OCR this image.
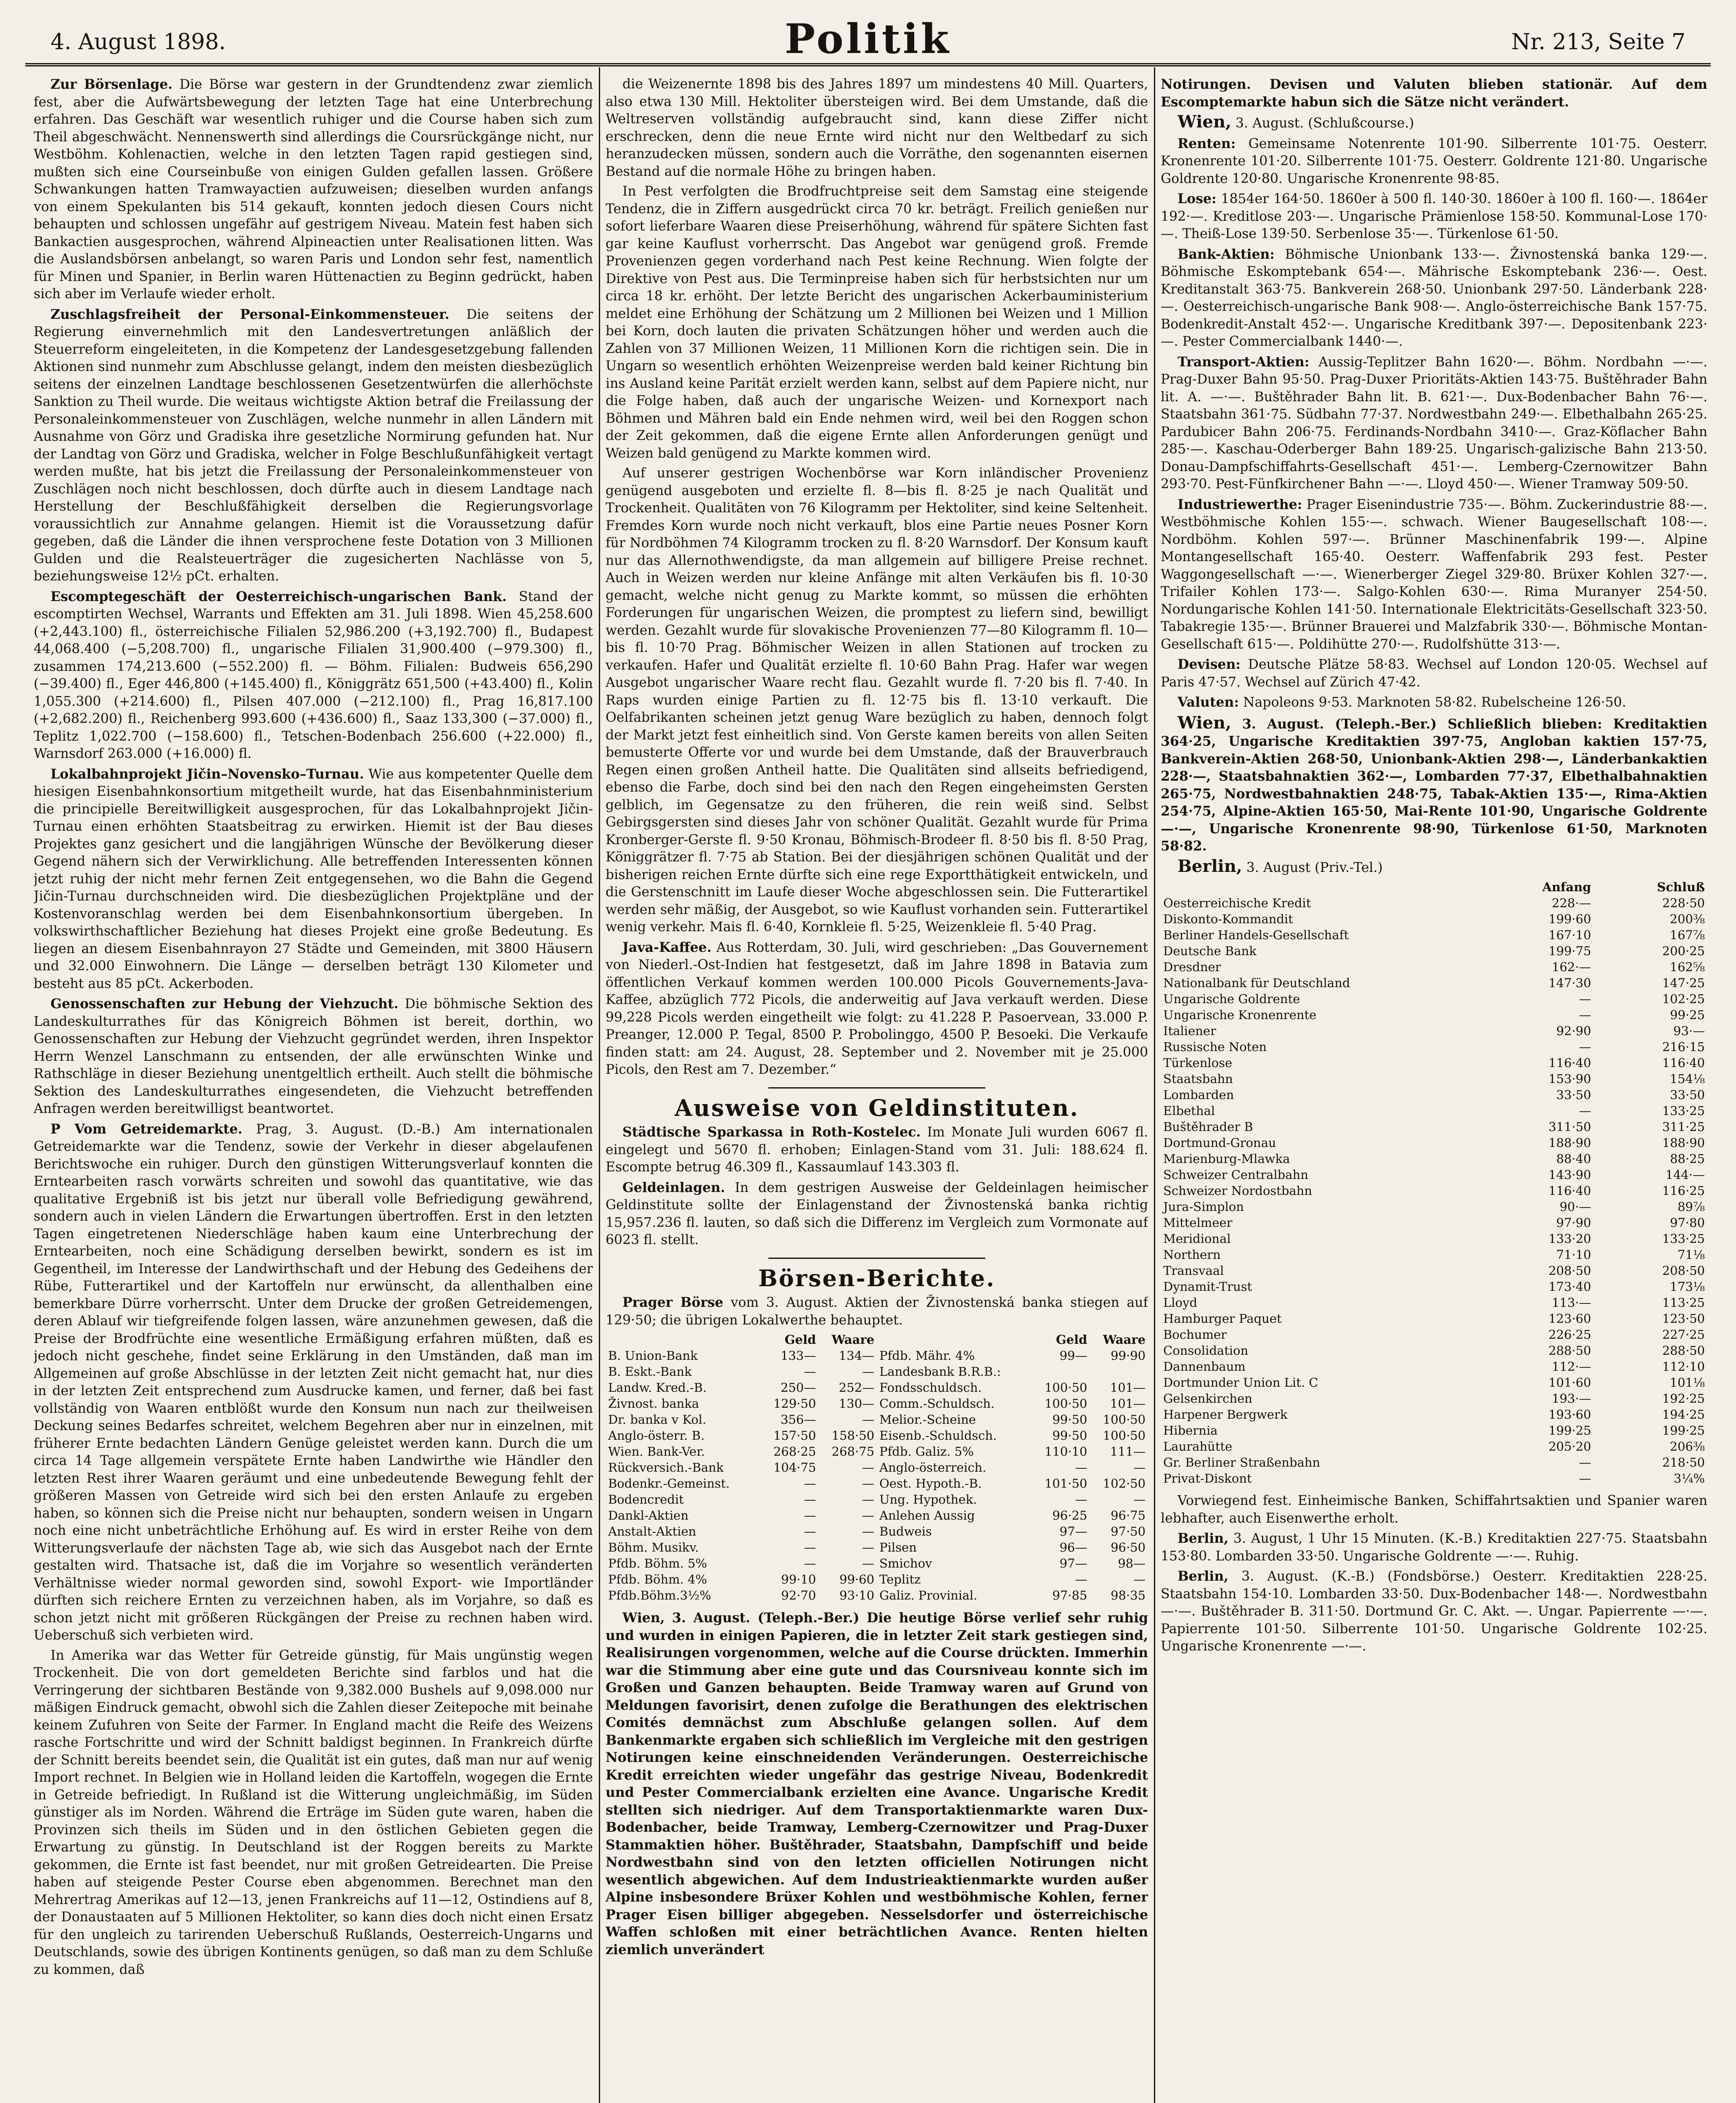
4. August 1898.	Politik	Nr. 213, Seite 7

Zur Börsenlage. Die Börse war gestern in der Grundtendenz zwar ziemlich fest, aber die Aufwärtsbewegung der letzten Tage hat eine Unterbrechung erfahren. Das Geschäft war wesentlich ruhiger und die Course haben sich zum Theil abgeschwächt. Nennenswerth sind allerdings die Coursrückgänge nicht, nur Westböhm. Kohlenactien, welche in den letzten Tagen rapid gestiegen sind, mußten sich eine Courseinbuße von einigen Gulden gefallen lassen. Größere Schwankungen hatten Tramwayactien aufzuweisen; dieselben wurden anfangs von einem Spekulanten bis 514 gekauft, konnten jedoch diesen Cours nicht behaupten und schlossen ungefähr auf gestrigem Niveau. Matein fest haben sich Bankactien ausgesprochen, während Alpineactien unter Realisationen litten. Was die Auslandsbörsen anbelangt, so waren Paris und London sehr fest, namentlich für Minen und Spanier, in Berlin waren Hüttenactien zu Beginn gedrückt, haben sich aber im Verlaufe wieder erholt.

Zuschlagsfreiheit der Personal-Einkommensteuer. Die seitens der Regierung einvernehmlich mit den Landesvertretungen anläßlich der Steuerreform eingeleiteten, in die Kompetenz der Landesgesetzgebung fallenden Aktionen sind nunmehr zum Abschlusse gelangt, indem den meisten diesbezüglich seitens der einzelnen Landtage beschlossenen Gesetzentwürfen die allerhöchste Sanktion zu Theil wurde. Die weitaus wichtigste Aktion betraf die Freilassung der Personaleinkommensteuer von Zuschlägen, welche nunmehr in allen Ländern mit Ausnahme von Görz und Gradiska ihre gesetzliche Normirung gefunden hat. Nur der Landtag von Görz und Gradiska, welcher in Folge Beschlußunfähigkeit vertagt werden mußte, hat bis jetzt die Freilassung der Personaleinkommensteuer von Zuschlägen noch nicht beschlossen, doch dürfte auch in diesem Landtage nach Herstellung der Beschlußfähigkeit derselben die Regierungsvorlage voraussichtlich zur Annahme gelangen. Hiemit ist die Voraussetzung dafür gegeben, daß die Länder die ihnen versprochene feste Dotation von 3 Millionen Gulden und die Realsteuerträger die zugesicherten Nachlässe von 5, beziehungsweise 12½ pCt. erhalten.

Escomptegeschäft der Oesterreichisch-ungarischen Bank. Stand der escomptirten Wechsel, Warrants und Effekten am 31. Juli 1898. Wien 45,258.600 (+2,443.100) fl., österreichische Filialen 52,986.200 (+3,192.700) fl., Budapest 44,068.400 (−5,208.700) fl., ungarische Filialen 31,900.400 (−979.300) fl., zusammen 174,213.600 (−552.200) fl. — Böhm. Filialen: Budweis 656,290 (−39.400) fl., Eger 446,800 (+145.400) fl., Königgrätz 651,500 (+43.400) fl., Kolin 1,055.300 (+214.600) fl., Pilsen 407.000 (−212.100) fl., Prag 16,817.100 (+2,682.200) fl., Reichenberg 993.600 (+436.600) fl., Saaz 133,300 (−37.000) fl., Teplitz 1,022.700 (−158.600) fl., Tetschen-Bodenbach 256.600 (+22.000) fl., Warnsdorf 263.000 (+16.000) fl.

Lokalbahnprojekt Jičin–Novensko–Turnau. Wie aus kompetenter Quelle dem hiesigen Eisenbahnkonsortium mitgetheilt wurde, hat das Eisenbahnministerium die principielle Bereitwilligkeit ausgesprochen, für das Lokalbahnprojekt Jičin-Turnau einen erhöhten Staatsbeitrag zu erwirken. Hiemit ist der Bau dieses Projektes ganz gesichert und die langjährigen Wünsche der Bevölkerung dieser Gegend nähern sich der Verwirklichung. Alle betreffenden Interessenten können jetzt ruhig der nicht mehr fernen Zeit entgegensehen, wo die Bahn die Gegend Jičin-Turnau durchschneiden wird. Die diesbezüglichen Projektpläne und der Kostenvoranschlag werden bei dem Eisenbahnkonsortium übergeben. In volkswirthschaftlicher Beziehung hat dieses Projekt eine große Bedeutung. Es liegen an diesem Eisenbahnrayon 27 Städte und Gemeinden, mit 3800 Häusern und 32.000 Einwohnern. Die Länge — derselben beträgt 130 Kilometer und besteht aus 85 pCt. Ackerboden.

Genossenschaften zur Hebung der Viehzucht. Die böhmische Sektion des Landeskulturrathes für das Königreich Böhmen ist bereit, dorthin, wo Genossenschaften zur Hebung der Viehzucht gegründet werden, ihren Inspektor Herrn Wenzel Lanschmann zu entsenden, der alle erwünschten Winke und Rathschläge in dieser Beziehung unentgeltlich ertheilt. Auch stellt die böhmische Sektion des Landeskulturrathes eingesendeten, die Viehzucht betreffenden Anfragen werden bereitwilligst beantwortet.

P Vom Getreidemarkte. Prag, 3. August. (D.-B.) Am internationalen Getreidemarkte war die Tendenz, sowie der Verkehr in dieser abgelaufenen Berichtswoche ein ruhiger. Durch den günstigen Witterungsverlauf konnten die Erntearbeiten rasch vorwärts schreiten und sowohl das quantitative, wie das qualitative Ergebniß ist bis jetzt nur überall volle Befriedigung gewährend, sondern auch in vielen Ländern die Erwartungen übertroffen. Erst in den letzten Tagen eingetretenen Niederschläge haben kaum eine Unterbrechung der Erntearbeiten, noch eine Schädigung derselben bewirkt, sondern es ist im Gegentheil, im Interesse der Landwirthschaft und der Hebung des Gedeihens der Rübe, Futterartikel und der Kartoffeln nur erwünscht, da allenthalben eine bemerkbare Dürre vorherrscht. Unter dem Drucke der großen Getreidemengen, deren Ablauf wir tiefgreifende folgen lassen, wäre anzunehmen gewesen, daß die Preise der Brodfrüchte eine wesentliche Ermäßigung erfahren müßten, daß es jedoch nicht geschehe, findet seine Erklärung in den Umständen, daß man im Allgemeinen auf große Abschlüsse in der letzten Zeit nicht gemacht hat, nur dies in der letzten Zeit entsprechend zum Ausdrucke kamen, und ferner, daß bei fast vollständig von Waaren entblößt wurde den Konsum nun nach zur theilweisen Deckung seines Bedarfes schreitet, welchem Begehren aber nur in einzelnen, mit früherer Ernte bedachten Ländern Genüge geleistet werden kann. Durch die um circa 14 Tage allgemein verspätete Ernte haben Landwirthe wie Händler den letzten Rest ihrer Waaren geräumt und eine unbedeutende Bewegung fehlt der größeren Massen von Getreide wird sich bei den ersten Anlaufe zu ergeben haben, so können sich die Preise nicht nur behaupten, sondern weisen in Ungarn noch eine nicht unbeträchtliche Erhöhung auf. Es wird in erster Reihe von dem Witterungsverlaufe der nächsten Tage ab, wie sich das Ausgebot nach der Ernte gestalten wird. Thatsache ist, daß die im Vorjahre so wesentlich veränderten Verhältnisse wieder normal geworden sind, sowohl Export- wie Importländer dürften sich reichere Ernten zu verzeichnen haben, als im Vorjahre, so daß es schon jetzt nicht mit größeren Rückgängen der Preise zu rechnen haben wird. Ueberschuß sich verbieten wird.

In Amerika war das Wetter für Getreide günstig, für Mais ungünstig wegen Trockenheit. Die von dort gemeldeten Berichte sind farblos und hat die Verringerung der sichtbaren Bestände von 9,382.000 Bushels auf 9,098.000 nur mäßigen Eindruck gemacht, obwohl sich die Zahlen dieser Zeitepoche mit beinahe keinem Zufuhren von Seite der Farmer. In England macht die Reife des Weizens rasche Fortschritte und wird der Schnitt baldigst beginnen. In Frankreich dürfte der Schnitt bereits beendet sein, die Qualität ist ein gutes, daß man nur auf wenig Import rechnet. In Belgien wie in Holland leiden die Kartoffeln, wogegen die Ernte in Getreide befriedigt. In Rußland ist die Witterung ungleichmäßig, im Süden günstiger als im Norden. Während die Erträge im Süden gute waren, haben die Provinzen sich theils im Süden und in den östlichen Gebieten gegen die Erwartung zu günstig. In Deutschland ist der Roggen bereits zu Markte gekommen, die Ernte ist fast beendet, nur mit großen Getreidearten. Die Preise haben auf steigende Pester Course eben abgenommen. Berechnet man den Mehrertrag Amerikas auf 12—13, jenen Frankreichs auf 11—12, Ostindiens auf 8, der Donaustaaten auf 5 Millionen Hektoliter, so kann dies doch nicht einen Ersatz für den ungleich zu tarirenden Ueberschuß Rußlands, Oesterreich-Ungarns und Deutschlands, sowie des übrigen Kontinents genügen, so daß man zu dem Schluße zu kommen, daß

die Weizenernte 1898 bis des Jahres 1897 um mindestens 40 Mill. Quarters, also etwa 130 Mill. Hektoliter übersteigen wird. Bei dem Umstande, daß die Weltreserven vollständig aufgebraucht sind, kann diese Ziffer nicht erschrecken, denn die neue Ernte wird nicht nur den Weltbedarf zu sich heranzudecken müssen, sondern auch die Vorräthe, den sogenannten eisernen Bestand auf die normale Höhe zu bringen haben.

In Pest verfolgten die Brodfruchtpreise seit dem Samstag eine steigende Tendenz, die in Ziffern ausgedrückt circa 70 kr. beträgt. Freilich genießen nur sofort lieferbare Waaren diese Preiserhöhung, während für spätere Sichten fast gar keine Kauflust vorherrscht. Das Angebot war genügend groß. Fremde Provenienzen gegen vorderhand nach Pest keine Rechnung. Wien folgte der Direktive von Pest aus. Die Terminpreise haben sich für herbstsichten nur um circa 18 kr. erhöht. Der letzte Bericht des ungarischen Ackerbauministerium meldet eine Erhöhung der Schätzung um 2 Millionen bei Weizen und 1 Million bei Korn, doch lauten die privaten Schätzungen höher und werden auch die Zahlen von 37 Millionen Weizen, 11 Millionen Korn die richtigen sein. Die in Ungarn so wesentlich erhöhten Weizenpreise werden bald keiner Richtung bin ins Ausland keine Parität erzielt werden kann, selbst auf dem Papiere nicht, nur die Folge haben, daß auch der ungarische Weizen- und Kornexport nach Böhmen und Mähren bald ein Ende nehmen wird, weil bei den Roggen schon der Zeit gekommen, daß die eigene Ernte allen Anforderungen genügt und Weizen bald genügend zu Markte kommen wird.

Auf unserer gestrigen Wochenbörse war Korn inländischer Provenienz genügend ausgeboten und erzielte fl. 8—bis fl. 8·25 je nach Qualität und Trockenheit. Qualitäten von 76 Kilogramm per Hektoliter, sind keine Seltenheit. Fremdes Korn wurde noch nicht verkauft, blos eine Partie neues Posner Korn für Nordböhmen 74 Kilogramm trocken zu fl. 8·20 Warnsdorf. Der Konsum kauft nur das Allernothwendigste, da man allgemein auf billigere Preise rechnet. Auch in Weizen werden nur kleine Anfänge mit alten Verkäufen bis fl. 10·30 gemacht, welche nicht genug zu Markte kommt, so müssen die erhöhten Forderungen für ungarischen Weizen, die promptest zu liefern sind, bewilligt werden. Gezahlt wurde für slovakische Provenienzen 77—80 Kilogramm fl. 10—bis fl. 10·70 Prag. Böhmischer Weizen in allen Stationen auf trocken zu verkaufen. Hafer und Qualität erzielte fl. 10·60 Bahn Prag. Hafer war wegen Ausgebot ungarischer Waare recht flau. Gezahlt wurde fl. 7·20 bis fl. 7·40. In Raps wurden einige Partien zu fl. 12·75 bis fl. 13·10 verkauft. Die Oelfabrikanten scheinen jetzt genug Ware bezüglich zu haben, dennoch folgt der Markt jetzt fest einheitlich sind. Von Gerste kamen bereits von allen Seiten bemusterte Offerte vor und wurde bei dem Umstande, daß der Brauverbrauch Regen einen großen Antheil hatte. Die Qualitäten sind allseits befriedigend, ebenso die Farbe, doch sind bei den nach den Regen eingeheimsten Gersten gelblich, im Gegensatze zu den früheren, die rein weiß sind. Selbst Gebirgsgersten sind dieses Jahr von schöner Qualität. Gezahlt wurde für Prima Kronberger-Gerste fl. 9·50 Kronau, Böhmisch-Brodeer fl. 8·50 bis fl. 8·50 Prag, Königgrätzer fl. 7·75 ab Station. Bei der diesjährigen schönen Qualität und der bisherigen reichen Ernte dürfte sich eine rege Exportthätigkeit entwickeln, und die Gerstenschnitt im Laufe dieser Woche abgeschlossen sein. Die Futterartikel werden sehr mäßig, der Ausgebot, so wie Kauflust vorhanden sein. Futterartikel wenig verkehr. Mais fl. 6·40, Kornkleie fl. 5·25, Weizenkleie fl. 5·40 Prag.

Java-Kaffee. Aus Rotterdam, 30. Juli, wird geschrieben: „Das Gouvernement von Niederl.-Ost-Indien hat festgesetzt, daß im Jahre 1898 in Batavia zum öffentlichen Verkauf kommen werden 100.000 Picols Gouvernements-Java-Kaffee, abzüglich 772 Picols, die anderweitig auf Java verkauft werden. Diese 99,228 Picols werden eingetheilt wie folgt: zu 41.228 P. Pasoervean, 33.000 P. Preanger, 12.000 P. Tegal, 8500 P. Probolinggo, 4500 P. Besoeki. Die Verkaufe finden statt: am 24. August, 28. September und 2. November mit je 25.000 Picols, den Rest am 7. Dezember.“

Ausweise von Geldinstituten.

Städtische Sparkassa in Roth-Kostelec. Im Monate Juli wurden 6067 fl. eingelegt und 5670 fl. erhoben; Einlagen-Stand vom 31. Juli: 188.624 fl. Escompte betrug 46.309 fl., Kassaumlauf 143.303 fl.

Geldeinlagen. In dem gestrigen Ausweise der Geldeinlagen heimischer Geldinstitute sollte der Einlagenstand der Živnostenská banka richtig 15,957.236 fl. lauten, so daß sich die Differenz im Vergleich zum Vormonate auf 6023 fl. stellt.

Börsen-Berichte.

Prager Börse vom 3. August. Aktien der Živnostenská banka stiegen auf 129·50; die übrigen Lokalwerthe behauptet.

	Geld	Waare		Geld	Waare
B. Union-Bank	133—	134—	Pfdb. Mähr. 4%	99—	99·90
B. Eskt.-Bank	—	—	Landesbank B.R.B.:		
Landw. Kred.-B.	250—	252—	Fondsschuldsch.	100·50	101—
Živnost. banka	129·50	130—	Comm.-Schuldsch.	100·50	101—
Dr. banka v Kol.	356—	—	Melior.-Scheine	99·50	100·50
Anglo-österr. B.	157·50	158·50	Eisenb.-Schuldsch.	99·50	100·50
Wien. Bank-Ver.	268·25	268·75	Pfdb. Galiz. 5%	110·10	111—
Rückversich.-Bank	104·75	—	Anglo-österreich.	—	—
Bodenkr.-Gemeinst.	—	—	Oest. Hypoth.-B.	101·50	102·50
Bodencredit	—	—	Ung. Hypothek.	—	—
Dankl-Aktien	—	—	Anlehen Aussig	96·25	96·75
Anstalt-Aktien	—	—	Budweis	97—	97·50
Böhm. Musikv.	—	—	Pilsen	96—	96·50
Pfdb. Böhm. 5%	—	—	Smichov	97—	98—
Pfdb. Böhm. 4%	99·10	99·60	Teplitz	—	—
Pfdb.Böhm.3½%	92·70	93·10	Galiz. Provinial.	97·85	98·35

Wien, 3. August. (Teleph.-Ber.) Die heutige Börse verlief sehr ruhig und wurden in einigen Papieren, die in letzter Zeit stark gestiegen sind, Realisirungen vorgenommen, welche auf die Course drückten. Immerhin war die Stimmung aber eine gute und das Coursniveau konnte sich im Großen und Ganzen behaupten. Beide Tramway waren auf Grund von Meldungen favorisirt, denen zufolge die Berathungen des elektrischen Comités demnächst zum Abschluße gelangen sollen. Auf dem Bankenmarkte ergaben sich schließlich im Vergleiche mit den gestrigen Notirungen keine einschneidenden Veränderungen. Oesterreichische Kredit erreichten wieder ungefähr das gestrige Niveau, Bodenkredit und Pester Commercialbank erzielten eine Avance. Ungarische Kredit stellten sich niedriger. Auf dem Transportaktienmarkte waren Dux-Bodenbacher, beide Tramway, Lemberg-Czernowitzer und Prag-Duxer Stammaktien höher. Buštěhrader, Staatsbahn, Dampfschiff und beide Nordwestbahn sind von den letzten officiellen Notirungen nicht wesentlich abgewichen. Auf dem Industrieaktienmarkte wurden außer Alpine insbesondere Brüxer Kohlen und westböhmische Kohlen, ferner Prager Eisen billiger abgegeben. Nesselsdorfer und österreichische Waffen schloßen mit einer beträchtlichen Avance. Renten hielten ziemlich unverändert

Notirungen. Devisen und Valuten blieben stationär. Auf dem Escomptemarkte habun sich die Sätze nicht verändert.

Wien, 3. August. (Schlußcourse.)

Renten: Gemeinsame Notenrente 101·90. Silberrente 101·75. Oesterr. Kronenrente 101·20. Silberrente 101·75. Oesterr. Goldrente 121·80. Ungarische Goldrente 120·80. Ungarische Kronenrente 98·85.

Lose: 1854er 164·50. 1860er à 500 fl. 140·30. 1860er à 100 fl. 160·—. 1864er 192·—. Kreditlose 203·—. Ungarische Prämienlose 158·50. Kommunal-Lose 170·—. Theiß-Lose 139·50. Serbenlose 35·—. Türkenlose 61·50.

Bank-Aktien: Böhmische Unionbank 133·—. Živnostenská banka 129·—. Böhmische Eskomptebank 654·—. Mährische Eskomptebank 236·—. Oest. Kreditanstalt 363·75. Bankverein 268·50. Unionbank 297·50. Länderbank 228·—. Oesterreichisch-ungarische Bank 908·—. Anglo-österreichische Bank 157·75. Bodenkredit-Anstalt 452·—. Ungarische Kreditbank 397·—. Depositenbank 223·—. Pester Commercialbank 1440·—.

Transport-Aktien: Aussig-Teplitzer Bahn 1620·—. Böhm. Nordbahn —·—. Prag-Duxer Bahn 95·50. Prag-Duxer Prioritäts-Aktien 143·75. Buštěhrader Bahn lit. A. —·—. Buštěhrader Bahn lit. B. 621·—. Dux-Bodenbacher Bahn 76·—. Staatsbahn 361·75. Südbahn 77·37. Nordwestbahn 249·—. Elbethalbahn 265·25. Pardubicer Bahn 206·75. Ferdinands-Nordbahn 3410·—. Graz-Köflacher Bahn 285·—. Kaschau-Oderberger Bahn 189·25. Ungarisch-galizische Bahn 213·50. Donau-Dampfschiffahrts-Gesellschaft 451·—. Lemberg-Czernowitzer Bahn 293·70. Pest-Fünfkirchener Bahn —·—. Lloyd 450·—. Wiener Tramway 509·50.

Industriewerthe: Prager Eisenindustrie 735·—. Böhm. Zuckerindustrie 88·—. Westböhmische Kohlen 155·—. schwach. Wiener Baugesellschaft 108·—. Nordböhm. Kohlen 597·—. Brünner Maschinenfabrik 199·—. Alpine Montangesellschaft 165·40. Oesterr. Waffenfabrik 293 fest. Pester Waggongesellschaft —·—. Wienerberger Ziegel 329·80. Brüxer Kohlen 327·—. Trifailer Kohlen 173·—. Salgo-Kohlen 630·—. Rima Muranyer 254·50. Nordungarische Kohlen 141·50. Internationale Elektricitäts-Gesellschaft 323·50. Tabakregie 135·—. Brünner Brauerei und Malzfabrik 330·—. Böhmische Montan-Gesellschaft 615·—. Poldihütte 270·—. Rudolfshütte 313·—.

Devisen: Deutsche Plätze 58·83. Wechsel auf London 120·05. Wechsel auf Paris 47·57. Wechsel auf Zürich 47·42.

Valuten: Napoleons 9·53. Marknoten 58·82. Rubelscheine 126·50.

Wien, 3. August. (Teleph.-Ber.) Schließlich blieben: Kreditaktien 364·25, Ungarische Kreditaktien 397·75, Angloban kaktien 157·75, Bankverein-Aktien 268·50, Unionbank-Aktien 298·—, Länderbankaktien 228·—, Staatsbahnaktien 362·—, Lombarden 77·37, Elbethalbahnaktien 265·75, Nordwestbahnaktien 248·75, Tabak-Aktien 135·—, Rima-Aktien 254·75, Alpine-Aktien 165·50, Mai-Rente 101·90, Ungarische Goldrente —·—, Ungarische Kronenrente 98·90, Türkenlose 61·50, Marknoten 58·82.

Berlin, 3. August (Priv.-Tel.)

	Anfang	Schluß
Oesterreichische Kredit	228·—	228·50
Diskonto-Kommandit	199·60	200⅜
Berliner Handels-Gesellschaft	167·10	167⅞
Deutsche Bank	199·75	200·25
Dresdner	162·—	162⅝
Nationalbank für Deutschland	147·30	147·25
Ungarische Goldrente	—	102·25
Ungarische Kronenrente	—	99·25
Italiener	92·90	93·—
Russische Noten	—	216·15
Türkenlose	116·40	116·40
Staatsbahn	153·90	154⅛
Lombarden	33·50	33·50
Elbethal	—	133·25
Buštěhrader B	311·50	311·25
Dortmund-Gronau	188·90	188·90
Marienburg-Mlawka	88·40	88·25
Schweizer Centralbahn	143·90	144·—
Schweizer Nordostbahn	116·40	116·25
Jura-Simplon	90·—	89⅞
Mittelmeer	97·90	97·80
Meridional	133·20	133·25
Northern	71·10	71⅛
Transvaal	208·50	208·50
Dynamit-Trust	173·40	173⅛
Lloyd	113·—	113·25
Hamburger Paquet	123·60	123·50
Bochumer	226·25	227·25
Consolidation	288·50	288·50
Dannenbaum	112·—	112·10
Dortmunder Union Lit. C	101·60	101⅛
Gelsenkirchen	193·—	192·25
Harpener Bergwerk	193·60	194·25
Hibernia	199·25	199·25
Laurahütte	205·20	206⅜
Gr. Berliner Straßenbahn	—	218·50
Privat-Diskont	—	3¼%

Vorwiegend fest. Einheimische Banken, Schiffahrtsaktien und Spanier waren lebhafter, auch Eisenwerthe erholt.

Berlin, 3. August, 1 Uhr 15 Minuten. (K.-B.) Kreditaktien 227·75. Staatsbahn 153·80. Lombarden 33·50. Ungarische Goldrente —·—. Ruhig.

Berlin, 3. August. (K.-B.) (Fondsbörse.) Oesterr. Kreditaktien 228·25. Staatsbahn 154·10. Lombarden 33·50. Dux-Bodenbacher 148·—. Nordwestbahn —·—. Buštěhrader B. 311·50. Dortmund Gr. C. Akt. —. Ungar. Papierrente —·—. Papierrente 101·50. Silberrente 101·50. Ungarische Goldrente 102·25. Ungarische Kronenrente —·—.
